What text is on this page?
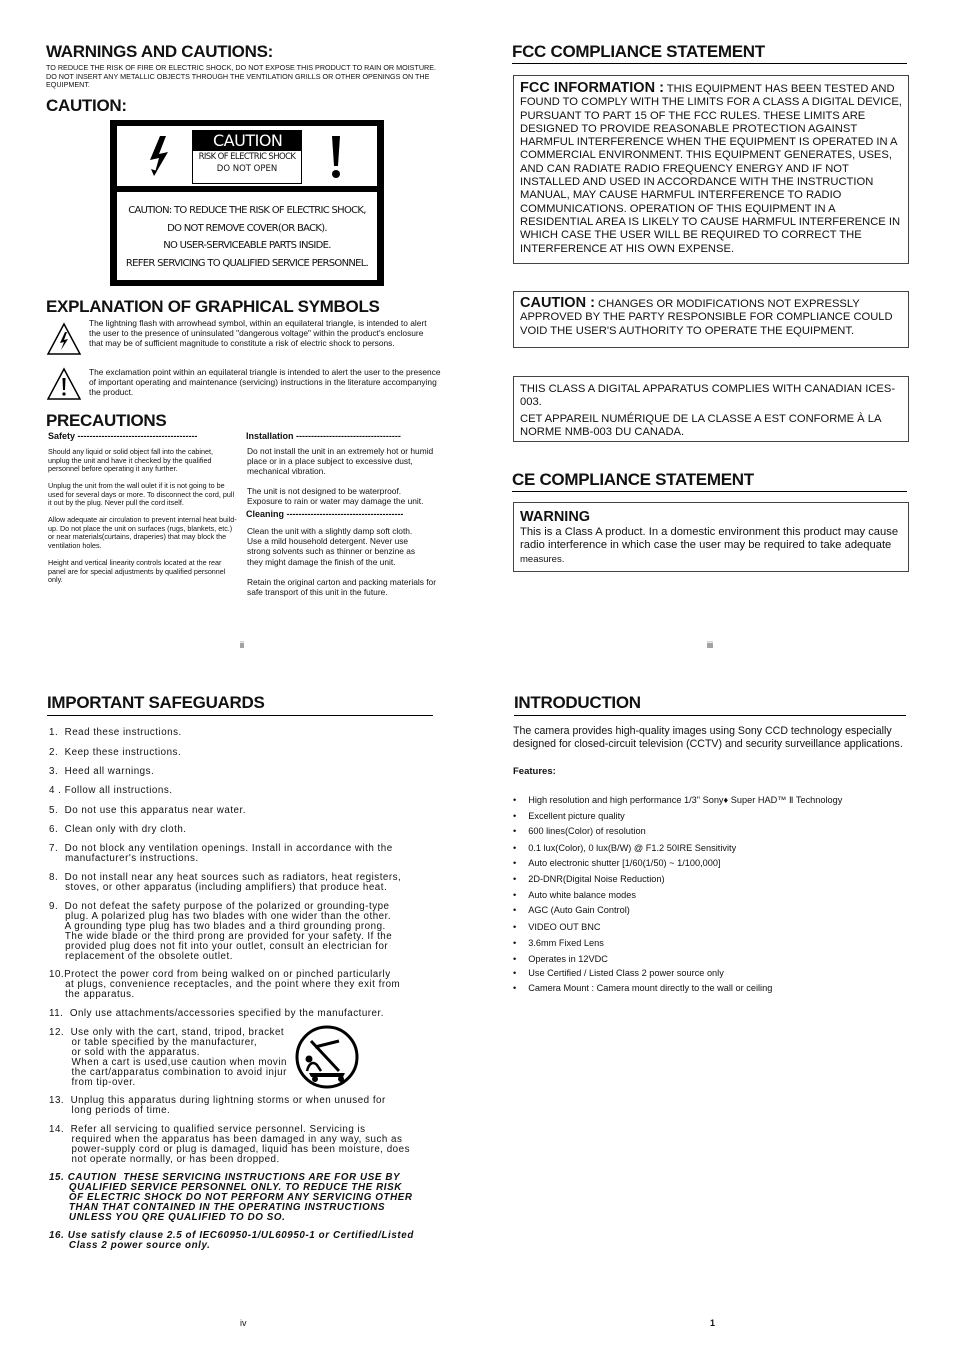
WARNINGS AND CAUTIONS:
TO REDUCE THE RISK OF FIRE OR ELECTRIC SHOCK, DO NOT EXPOSE THIS PRODUCT TO RAIN OR MOISTURE. DO NOT INSERT ANY METALLIC OBJECTS THROUGH THE VENTILATION GRILLS OR OTHER OPENINGS ON THE EQUIPMENT.
CAUTION:
CAUTION
RISK OF ELECTRIC SHOCK
DO NOT OPEN
CAUTION: TO REDUCE THE RISK OF ELECTRIC SHOCK,
DO NOT REMOVE COVER(OR BACK).
NO USER-SERVICEABLE PARTS INSIDE.
REFER SERVICING TO QUALIFIED SERVICE PERSONNEL.
EXPLANATION OF GRAPHICAL SYMBOLS
The lightning flash with arrowhead symbol, within an equilateral triangle, is intended to alert the user to the presence of uninsulated "dangerous voltage" within the product's enclosure that may be of sufficient magnitude to constitute a risk of electric shock to persons.
The exclamation point within an equilateral triangle is intended to alert the user to the presence of important operating and maintenance (servicing) instructions in the literature accompanying the product.
PRECAUTIONS
Safety ----------------------------------------
Should any liquid or solid object fall into the cabinet, unplug the unit and have it checked by the qualified personnel before operating it any further.
Unplug the unit from the wall oulet if it is not going to be used for several days or more. To disconnect the cord, pull it out by the plug. Never pull the cord itself.
Allow adequate air circulation to prevent internal heat build-up. Do not place the unit on surfaces (rugs, blankets, etc.) or near materials(curtains, draperies) that may block the ventilation holes.
Height and vertical linearity controls located at the rear panel are for special adjustments by qualified personnel only.
Installation -----------------------------------
Do not install the unit in an extremely hot or humid place or in a place subject to excessive dust, mechanical vibration.
The unit is not designed to be waterproof. Exposure to rain or water may damage the unit.
Cleaning ---------------------------------------
Clean the unit with a slightly damp soft cloth. Use a mild household detergent. Never use strong solvents such as thinner or benzine as they might damage the finish of the unit.
Retain the original carton and packing materials for safe transport of this unit in the future.
ii
FCC COMPLIANCE STATEMENT
FCC INFORMATION : THIS EQUIPMENT HAS BEEN TESTED AND FOUND TO COMPLY WITH THE LIMITS FOR A CLASS A DIGITAL DEVICE, PURSUANT TO PART 15 OF THE FCC RULES. THESE LIMITS ARE DESIGNED TO PROVIDE REASONABLE PROTECTION AGAINST HARMFUL INTERFERENCE WHEN THE EQUIPMENT IS OPERATED IN A COMMERCIAL ENVIRONMENT. THIS EQUIPMENT GENERATES, USES, AND CAN RADIATE RADIO FREQUENCY ENERGY AND IF NOT INSTALLED AND USED IN ACCORDANCE WITH THE INSTRUCTION MANUAL, MAY CAUSE HARMFUL INTERFERENCE TO RADIO COMMUNICATIONS. OPERATION OF THIS EQUIPMENT IN A RESIDENTIAL AREA IS LIKELY TO CAUSE HARMFUL INTERFERENCE IN WHICH CASE THE USER WILL BE REQUIRED TO CORRECT THE INTERFERENCE AT HIS OWN EXPENSE.
CAUTION : CHANGES OR MODIFICATIONS NOT EXPRESSLY APPROVED BY THE PARTY RESPONSIBLE FOR COMPLIANCE COULD VOID THE USER'S AUTHORITY TO OPERATE THE EQUIPMENT.
THIS CLASS A DIGITAL APPARATUS COMPLIES WITH CANADIAN ICES-003.
CET APPAREIL NUMÉRIQUE DE LA CLASSE A EST CONFORME À LA NORME NMB-003 DU CANADA.
CE COMPLIANCE STATEMENT
WARNING
This is a Class A product. In a domestic environment this product may cause radio interference in which case the user may be required to take adequate measures.
iii
IMPORTANT SAFEGUARDS
1.  Read these instructions.
2.  Keep these instructions.
3.  Heed all warnings.
4 . Follow all instructions.
5.  Do not use this apparatus near water.
6.  Clean only with dry cloth.
7.  Do not block any ventilation openings. Install in accordance with the
manufacturer's instructions.
8.  Do not install near any heat sources such as radiators, heat registers,
stoves, or other apparatus (including amplifiers) that produce heat.
9.  Do not defeat the safety purpose of the polarized or grounding-type
plug. A polarized plug has two blades with one wider than the other.
A grounding type plug has two blades and a third grounding prong.
The wide blade or the third prong are provided for your safety. If the
provided plug does not fit into your outlet, consult an electrician for
replacement of the obsolete outlet.
10.Protect the power cord from being walked on or pinched particularly
at plugs, convenience receptacles, and the point where they exit from
the apparatus.
11.  Only use attachments/accessories specified by the manufacturer.
12.  Use only with the cart, stand, tripod, bracket
or table specified by the manufacturer,
or sold with the apparatus.
When a cart is used,use caution when movin
the cart/apparatus combination to avoid injur
from tip-over.
13.  Unplug this apparatus during lightning storms or when unused for
long periods of time.
14.  Refer all servicing to qualified service personnel. Servicing is
required when the apparatus has been damaged in any way, such as
power-supply cord or plug is damaged, liquid has been moisture, does
not operate normally, or has been dropped.
15. CAUTION  THESE SERVICING INSTRUCTIONS ARE FOR USE BY
QUALIFIED SERVICE PERSONNEL ONLY. TO REDUCE THE RISK
OF ELECTRIC SHOCK DO NOT PERFORM ANY SERVICING OTHER
THAN THAT CONTAINED IN THE OPERATING INSTRUCTIONS
UNLESS YOU QRE QUALIFIED TO DO SO.
16. Use satisfy clause 2.5 of IEC60950-1/UL60950-1 or Certified/Listed
Class 2 power source only.
iv
INTRODUCTION
The camera provides high-quality images using Sony CCD technology especially designed for closed-circuit television (CCTV) and security surveillance applications.
Features:
• High resolution and high performance 1/3" Sony♦ Super HAD™ Ⅱ Technology
• Excellent picture quality
• 600 lines(Color) of resolution
• 0.1 lux(Color), 0 lux(B/W) @ F1.2 50IRE Sensitivity
• Auto electronic shutter [1/60(1/50) ~ 1/100,000]
• 2D-DNR(Digital Noise Reduction)
• Auto white balance modes
• AGC (Auto Gain Control)
• VIDEO OUT BNC
• 3.6mm Fixed Lens
• Operates in 12VDC
• Use Certified / Listed Class 2 power source only
• Camera Mount : Camera mount directly to the wall or ceiling
1
